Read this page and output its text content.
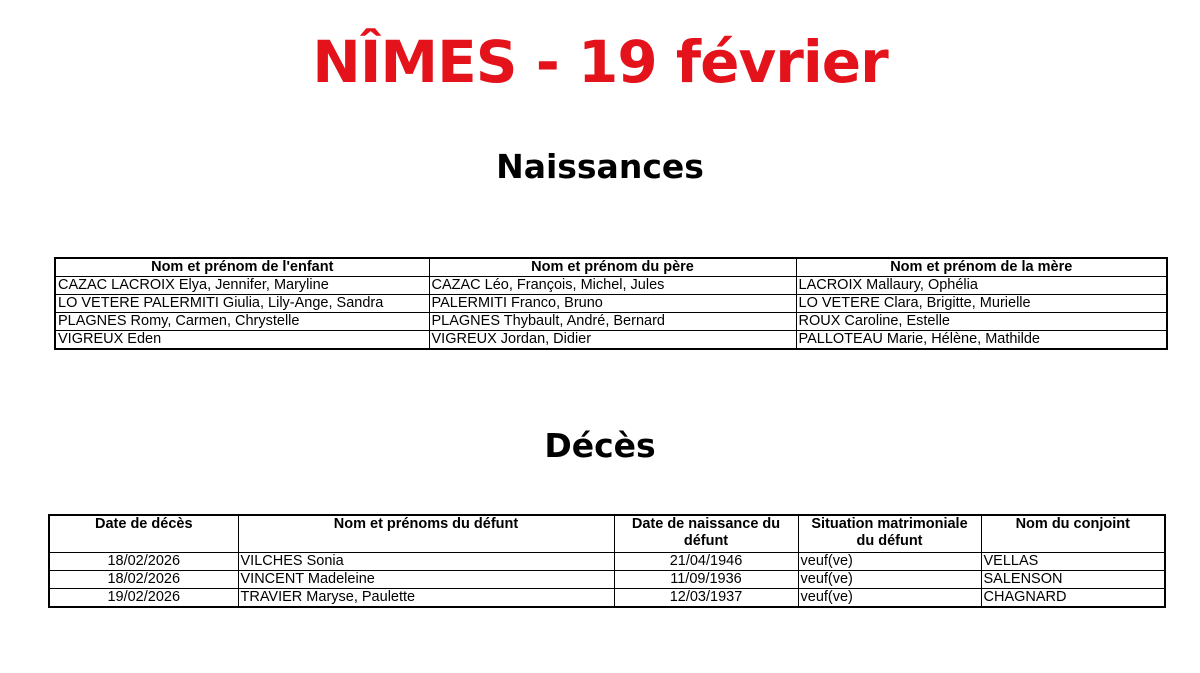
NÎMES - 19 février
Naissances
Nom et prénom de l'enfant	Nom et prénom du père	Nom et prénom de la mère
CAZAC LACROIX Elya, Jennifer, Maryline	CAZAC Léo, François, Michel, Jules	LACROIX Mallaury, Ophélia
LO VETERE PALERMITI Giulia, Lily-Ange, Sandra	PALERMITI Franco, Bruno	LO VETERE Clara, Brigitte, Murielle
PLAGNES Romy, Carmen, Chrystelle	PLAGNES Thybault, André, Bernard	ROUX Caroline, Estelle
VIGREUX Eden	VIGREUX Jordan, Didier	PALLOTEAU Marie, Hélène, Mathilde
Décès
Date de décès	Nom et prénoms du défunt	Date de naissance du défunt	Situation matrimoniale du défunt	Nom du conjoint
18/02/2026	VILCHES Sonia	21/04/1946	veuf(ve)	VELLAS
18/02/2026	VINCENT Madeleine	11/09/1936	veuf(ve)	SALENSON
19/02/2026	TRAVIER Maryse, Paulette	12/03/1937	veuf(ve)	CHAGNARD
